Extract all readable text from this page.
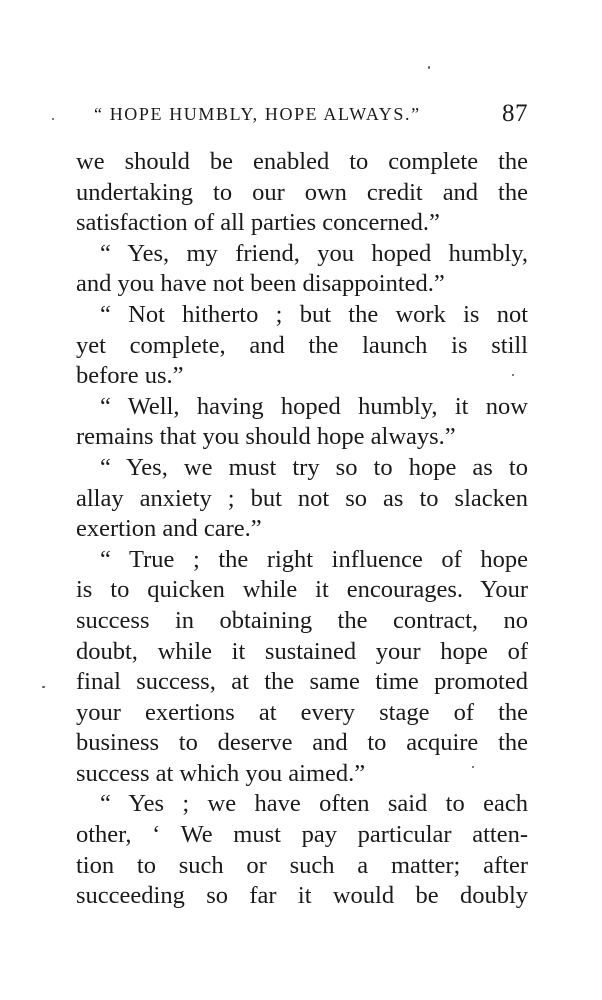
“ HOPE HUMBLY, HOPE ALWAYS.”	87
we should be enabled to complete the
undertaking to our own credit and the
satisfaction of all parties concerned.”
“ Yes, my friend, you hoped humbly,
and you have not been disappointed.”
“ Not hitherto ; but the work is not
yet complete, and the launch is still
before us.”
“ Well, having hoped humbly, it now
remains that you should hope always.”
“ Yes, we must try so to hope as to
allay anxiety ; but not so as to slacken
exertion and care.”
“ True ; the right influence of hope
is to quicken while it encourages. Your
success in obtaining the contract, no
doubt, while it sustained your hope of
final success, at the same time promoted
your exertions at every stage of the
business to deserve and to acquire the
success at which you aimed.”
“ Yes ; we have often said to each
other, ‘ We must pay particular atten-
tion to such or such a matter; after
succeeding so far it would be doubly
